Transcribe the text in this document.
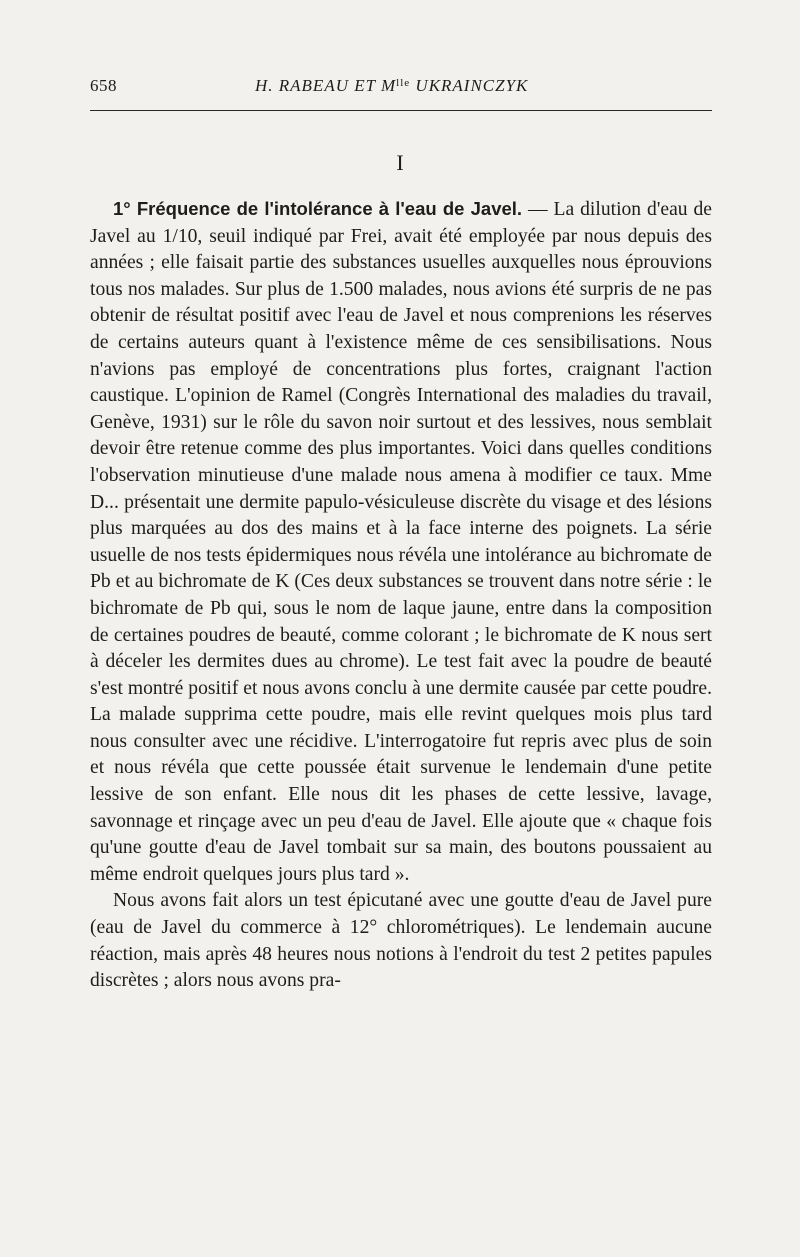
658	H. RABEAU ET $M^{lle}$ UKRAINCZYK
I

1° Fréquence de l'intolérance à l'eau de Javel. — La dilution d'eau de Javel au 1/10, seuil indiqué par Frei, avait été employée par nous depuis des années ; elle faisait partie des substances usuelles auxquelles nous éprouvions tous nos malades. Sur plus de 1.500 malades, nous avions été surpris de ne pas obtenir de résultat positif avec l'eau de Javel et nous comprenions les réserves de certains auteurs quant à l'existence même de ces sensibilisations. Nous n'avions pas employé de concentrations plus fortes, craignant l'action caustique. L'opinion de Ramel (Congrès International des maladies du travail, Genève, 1931) sur le rôle du savon noir surtout et des lessives, nous semblait devoir être retenue comme des plus importantes. Voici dans quelles conditions l'observation minutieuse d'une malade nous amena à modifier ce taux. Mme D... présentait une dermite papulo-vésiculeuse discrète du visage et des lésions plus marquées au dos des mains et à la face interne des poignets. La série usuelle de nos tests épidermiques nous révéla une intolérance au bichromate de Pb et au bichromate de K (Ces deux substances se trouvent dans notre série : le bichromate de Pb qui, sous le nom de laque jaune, entre dans la composition de certaines poudres de beauté, comme colorant ; le bichromate de K nous sert à déceler les dermites dues au chrome). Le test fait avec la poudre de beauté s'est montré positif et nous avons conclu à une dermite causée par cette poudre. La malade supprima cette poudre, mais elle revint quelques mois plus tard nous consulter avec une récidive. L'interrogatoire fut repris avec plus de soin et nous révéla que cette poussée était survenue le lendemain d'une petite lessive de son enfant. Elle nous dit les phases de cette lessive, lavage, savonnage et rinçage avec un peu d'eau de Javel. Elle ajoute que « chaque fois qu'une goutte d'eau de Javel tombait sur sa main, des boutons poussaient au même endroit quelques jours plus tard ».

Nous avons fait alors un test épicutané avec une goutte d'eau de Javel pure (eau de Javel du commerce à 12° chlorométriques). Le lendemain aucune réaction, mais après 48 heures nous notions à l'endroit du test 2 petites papules discrètes ; alors nous avons pra-
